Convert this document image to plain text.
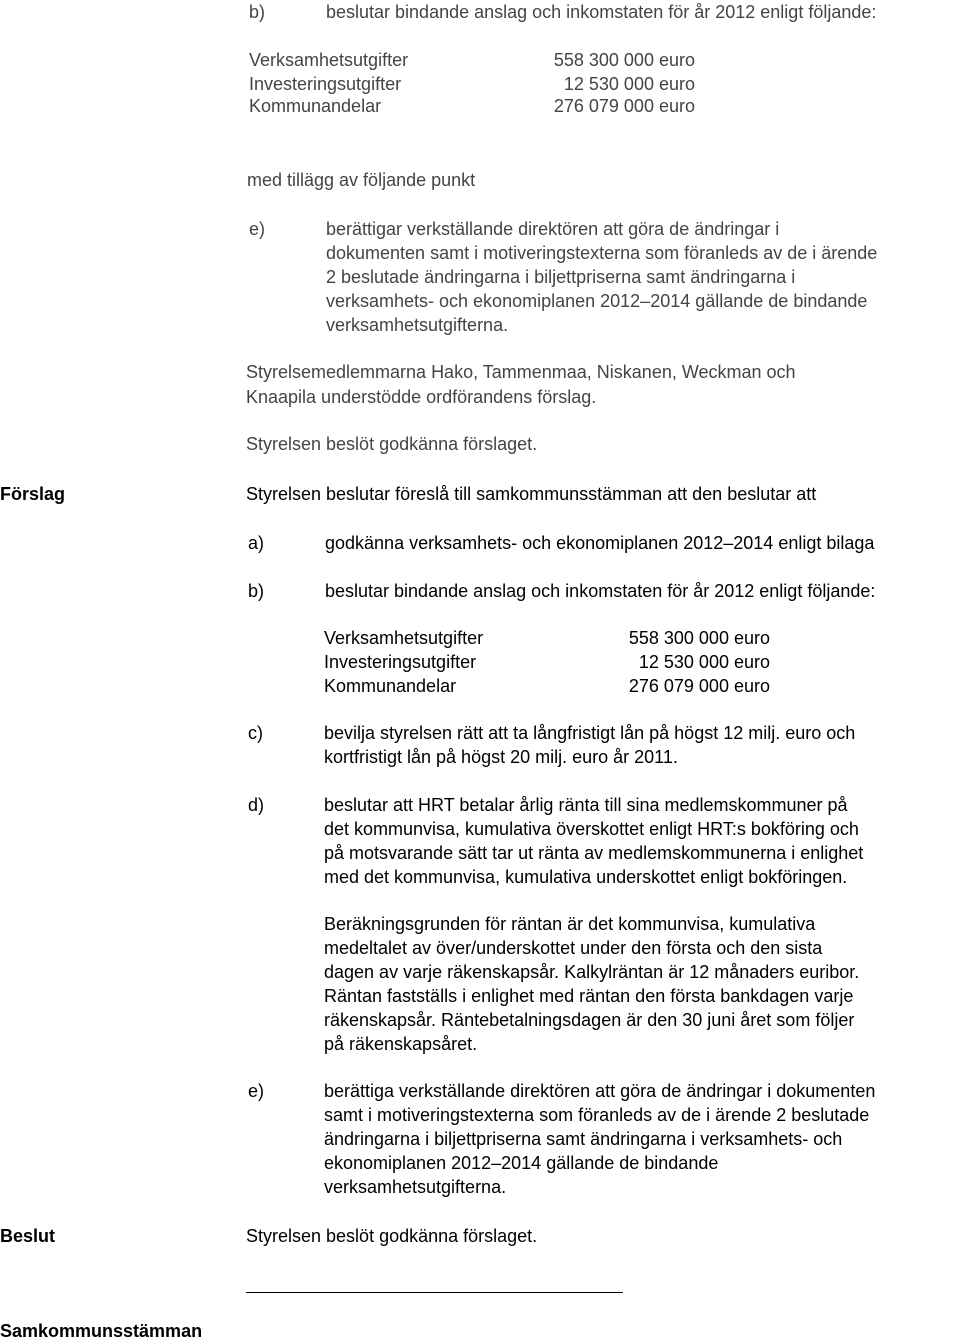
b)	beslutar bindande anslag och inkomstaten för år 2012 enligt följande:

Verksamhetsutgifter	558 300 000 euro

Investeringsutgifter	12 530 000 euro

Kommunandelar	276 079 000 euro

med tillägg av följande punkt

e)	berättigar verkställande direktören att göra de ändringar i

dokumenten samt i motiveringstexterna som föranleds av de i ärende

2 beslutade ändringarna i biljettpriserna samt ändringarna i

verksamhets- och ekonomiplanen 2012–2014 gällande de bindande

verksamhetsutgifterna.

Styrelsemedlemmarna Hako, Tammenmaa, Niskanen, Weckman och

Knaapila understödde ordförandens förslag.

Styrelsen beslöt godkänna förslaget.

Förslag	Styrelsen beslutar föreslå till samkommunsstämman att den beslutar att

a)	godkänna verksamhets- och ekonomiplanen 2012–2014 enligt bilaga

b)	beslutar bindande anslag och inkomstaten för år 2012 enligt följande:

Verksamhetsutgifter	558 300 000 euro

Investeringsutgifter	12 530 000 euro

Kommunandelar	276 079 000 euro

c)	bevilja styrelsen rätt att ta långfristigt lån på högst 12 milj. euro och

kortfristigt lån på högst 20 milj. euro år 2011.

d)	beslutar att HRT betalar årlig ränta till sina medlemskommuner på

det kommunvisa, kumulativa överskottet enligt HRT:s bokföring och

på motsvarande sätt tar ut ränta av medlemskommunerna i enlighet

med det kommunvisa, kumulativa underskottet enligt bokföringen.

Beräkningsgrunden för räntan är det kommunvisa, kumulativa

medeltalet av över/underskottet under den första och den sista

dagen av varje räkenskapsår. Kalkylräntan är 12 månaders euribor.

Räntan fastställs i enlighet med räntan den första bankdagen varje

räkenskapsår. Räntebetalningsdagen är den 30 juni året som följer

på räkenskapsåret.

e)	berättiga verkställande direktören att göra de ändringar i dokumenten

samt i motiveringstexterna som föranleds av de i ärende 2 beslutade

ändringarna i biljettpriserna samt ändringarna i verksamhets- och

ekonomiplanen 2012–2014 gällande de bindande

verksamhetsutgifterna.

Beslut	Styrelsen beslöt godkänna förslaget.

Samkommunsstämman
